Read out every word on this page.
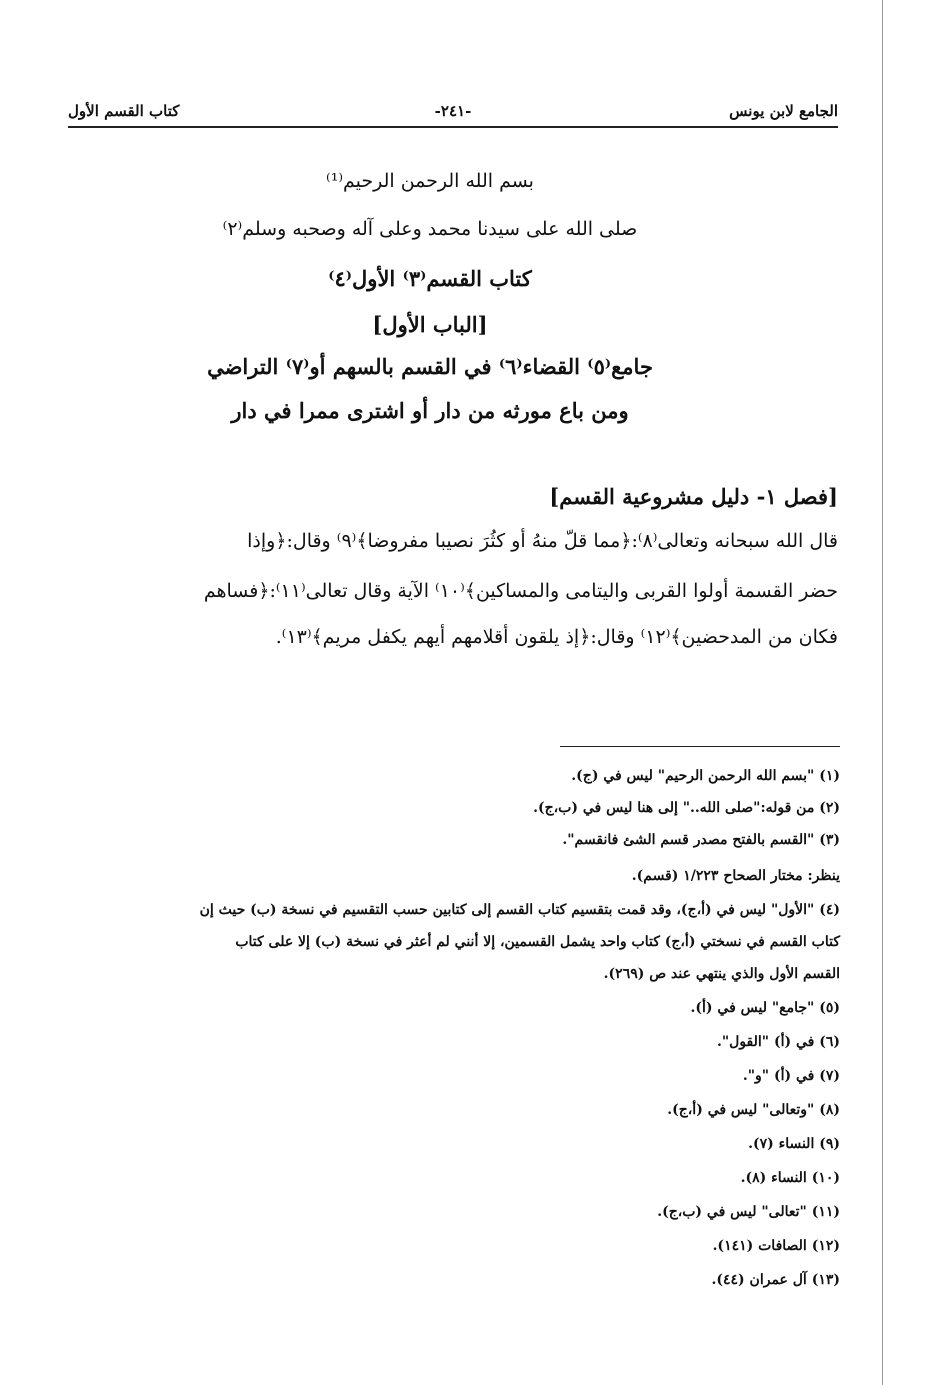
الجامع لابن يونس
-٢٤١-
كتاب القسم الأول
بسم الله الرحمن الرحيم⁽¹⁾
صلى الله على سيدنا محمد وعلى آله وصحبه وسلم⁽٢⁾
كتاب القسم⁽٣⁾ الأول⁽٤⁾
[الباب الأول]
جامع⁽٥⁾ القضاء⁽٦⁾ في القسم بالسهم أو⁽٧⁾ التراضي
ومن باع مورثه من دار أو اشترى ممرا في دار
[فصل ١- دليل مشروعية القسم]
قال الله سبحانه وتعالى⁽٨⁾:﴿مما قلّ منهُ أو كثُرَ نصيبا مفروضا﴾⁽٩⁾ وقال:﴿وإذا
حضر القسمة أولوا القربى واليتامى والمساكين﴾⁽١٠⁾ الآية وقال تعالى⁽١١⁾:﴿فساهم
فكان من المدحضين﴾⁽١٢⁾ وقال:﴿إذ يلقون أقلامهم أيهم يكفل مريم﴾⁽١٣⁾.
(١) "بسم الله الرحمن الرحيم" ليس في (ج).
(٢) من قوله:"صلى الله.." إلى هنا ليس في (ب،ج).
(٣) "القسم بالفتح مصدر قسم الشئ فانقسم".
ينظر: مختار الصحاح ١/٢٢٣ (قسم).
(٤) "الأول" ليس في (أ،ج)، وقد قمت بتقسيم كتاب القسم إلى كتابين حسب التقسيم في نسخة (ب) حيث إن
كتاب القسم في نسختي (أ،ج) كتاب واحد يشمل القسمين، إلا أنني لم أعثر في نسخة (ب) إلا على كتاب
القسم الأول والذي ينتهي عند ص (٢٦٩).
(٥) "جامع" ليس في (أ).
(٦) في (أ) "القول".
(٧) في (أ) "و".
(٨) "وتعالى" ليس في (أ،ج).
(٩) النساء (٧).
(١٠) النساء (٨).
(١١) "تعالى" ليس في (ب،ج).
(١٢) الصافات (١٤١).
(١٣) آل عمران (٤٤).
